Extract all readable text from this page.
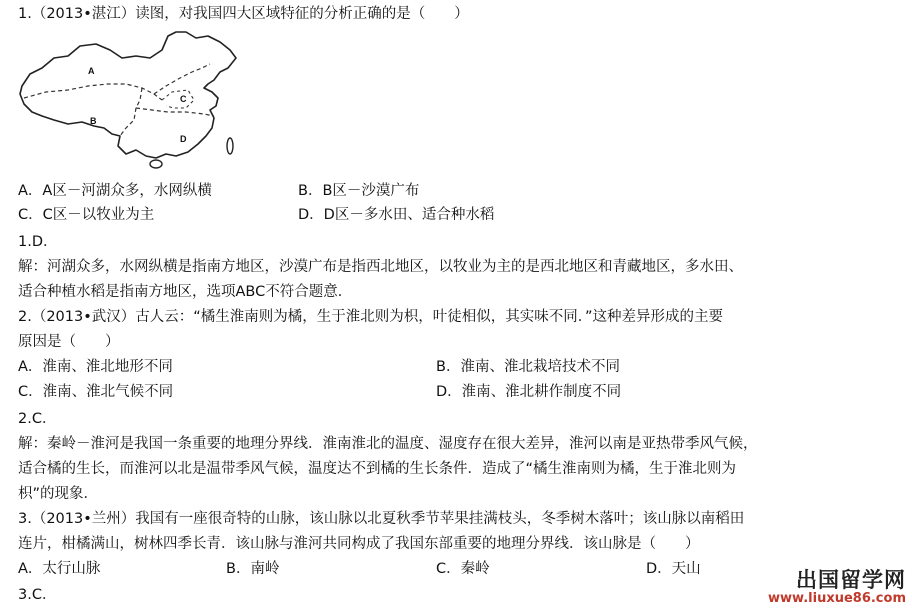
1.（2013•湛江）读图，对我国四大区域特征的分析正确的是（　　）
A
B
C
D
A．A区－河湖众多，水网纵横	B．B区－沙漠广布
C．C区－以牧业为主	D．D区－多水田、适合种水稻
1.D．
解：河湖众多，水网纵横是指南方地区，沙漠广布是指西北地区，以牧业为主的是西北地区和青藏地区，多水田、
适合种植水稻是指南方地区，选项ABC不符合题意．
2.（2013•武汉）古人云：“橘生淮南则为橘，生于淮北则为枳，叶徒相似，其实味不同．”这种差异形成的主要
原因是（　　）
A．淮南、淮北地形不同	B．淮南、淮北栽培技术不同
C．淮南、淮北气候不同	D．淮南、淮北耕作制度不同
2.C．
解：秦岭－淮河是我国一条重要的地理分界线．淮南淮北的温度、湿度存在很大差异，淮河以南是亚热带季风气候，
适合橘的生长，而淮河以北是温带季风气候，温度达不到橘的生长条件．造成了“橘生淮南则为橘，生于淮北则为
枳”的现象．
3.（2013•兰州）我国有一座很奇特的山脉，该山脉以北夏秋季节苹果挂满枝头，冬季树木落叶；该山脉以南稻田
连片，柑橘满山，树林四季长青．该山脉与淮河共同构成了我国东部重要的地理分界线．该山脉是（　　）
A．太行山脉	B．南岭	C．秦岭	D．天山
3.C．
出国留学网
www.liuxue86.com
